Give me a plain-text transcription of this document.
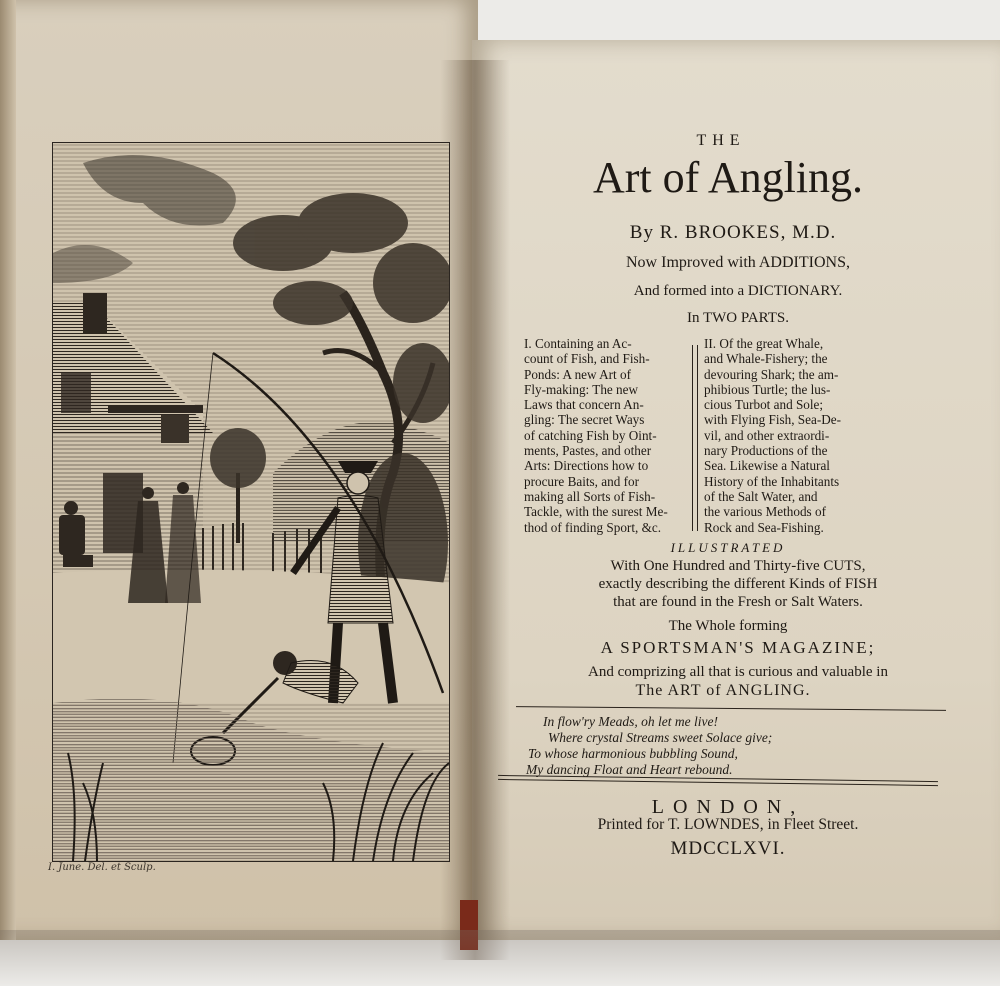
I. June. Del. et Sculp.
THE
Art of Angling.
By R. BROOKES, M.D.
Now Improved with ADDITIONS,
And formed into a DICTIONARY.
In TWO PARTS.
I. Containing an Ac-
count of Fish, and Fish-
Ponds: A new Art of
Fly-making: The new
Laws that concern An-
gling: The secret Ways
of catching Fish by Oint-
ments, Pastes, and other
Arts: Directions how to
procure Baits, and for
making all Sorts of Fish-
Tackle, with the surest Me-
thod of finding Sport, &c.
II. Of the great Whale,
and Whale-Fishery; the
devouring Shark; the am-
phibious Turtle; the lus-
cious Turbot and Sole;
with Flying Fish, Sea-De-
vil, and other extraordi-
nary Productions of the
Sea. Likewise a Natural
History of the Inhabitants
of the Salt Water, and
the various Methods of
Rock and Sea-Fishing.
ILLUSTRATED
With One Hundred and Thirty-five CUTS,
exactly describing the different Kinds of FISH
that are found in the Fresh or Salt Waters.
The Whole forming
A SPORTSMAN'S MAGAZINE;
And comprizing all that is curious and valuable in
The ART of ANGLING.
In flow'ry Meads, oh let me live!
Where crystal Streams sweet Solace give;
To whose harmonious bubbling Sound,
My dancing Float and Heart rebound.
LONDON,
Printed for T. LOWNDES, in Fleet Street.
MDCCLXVI.
